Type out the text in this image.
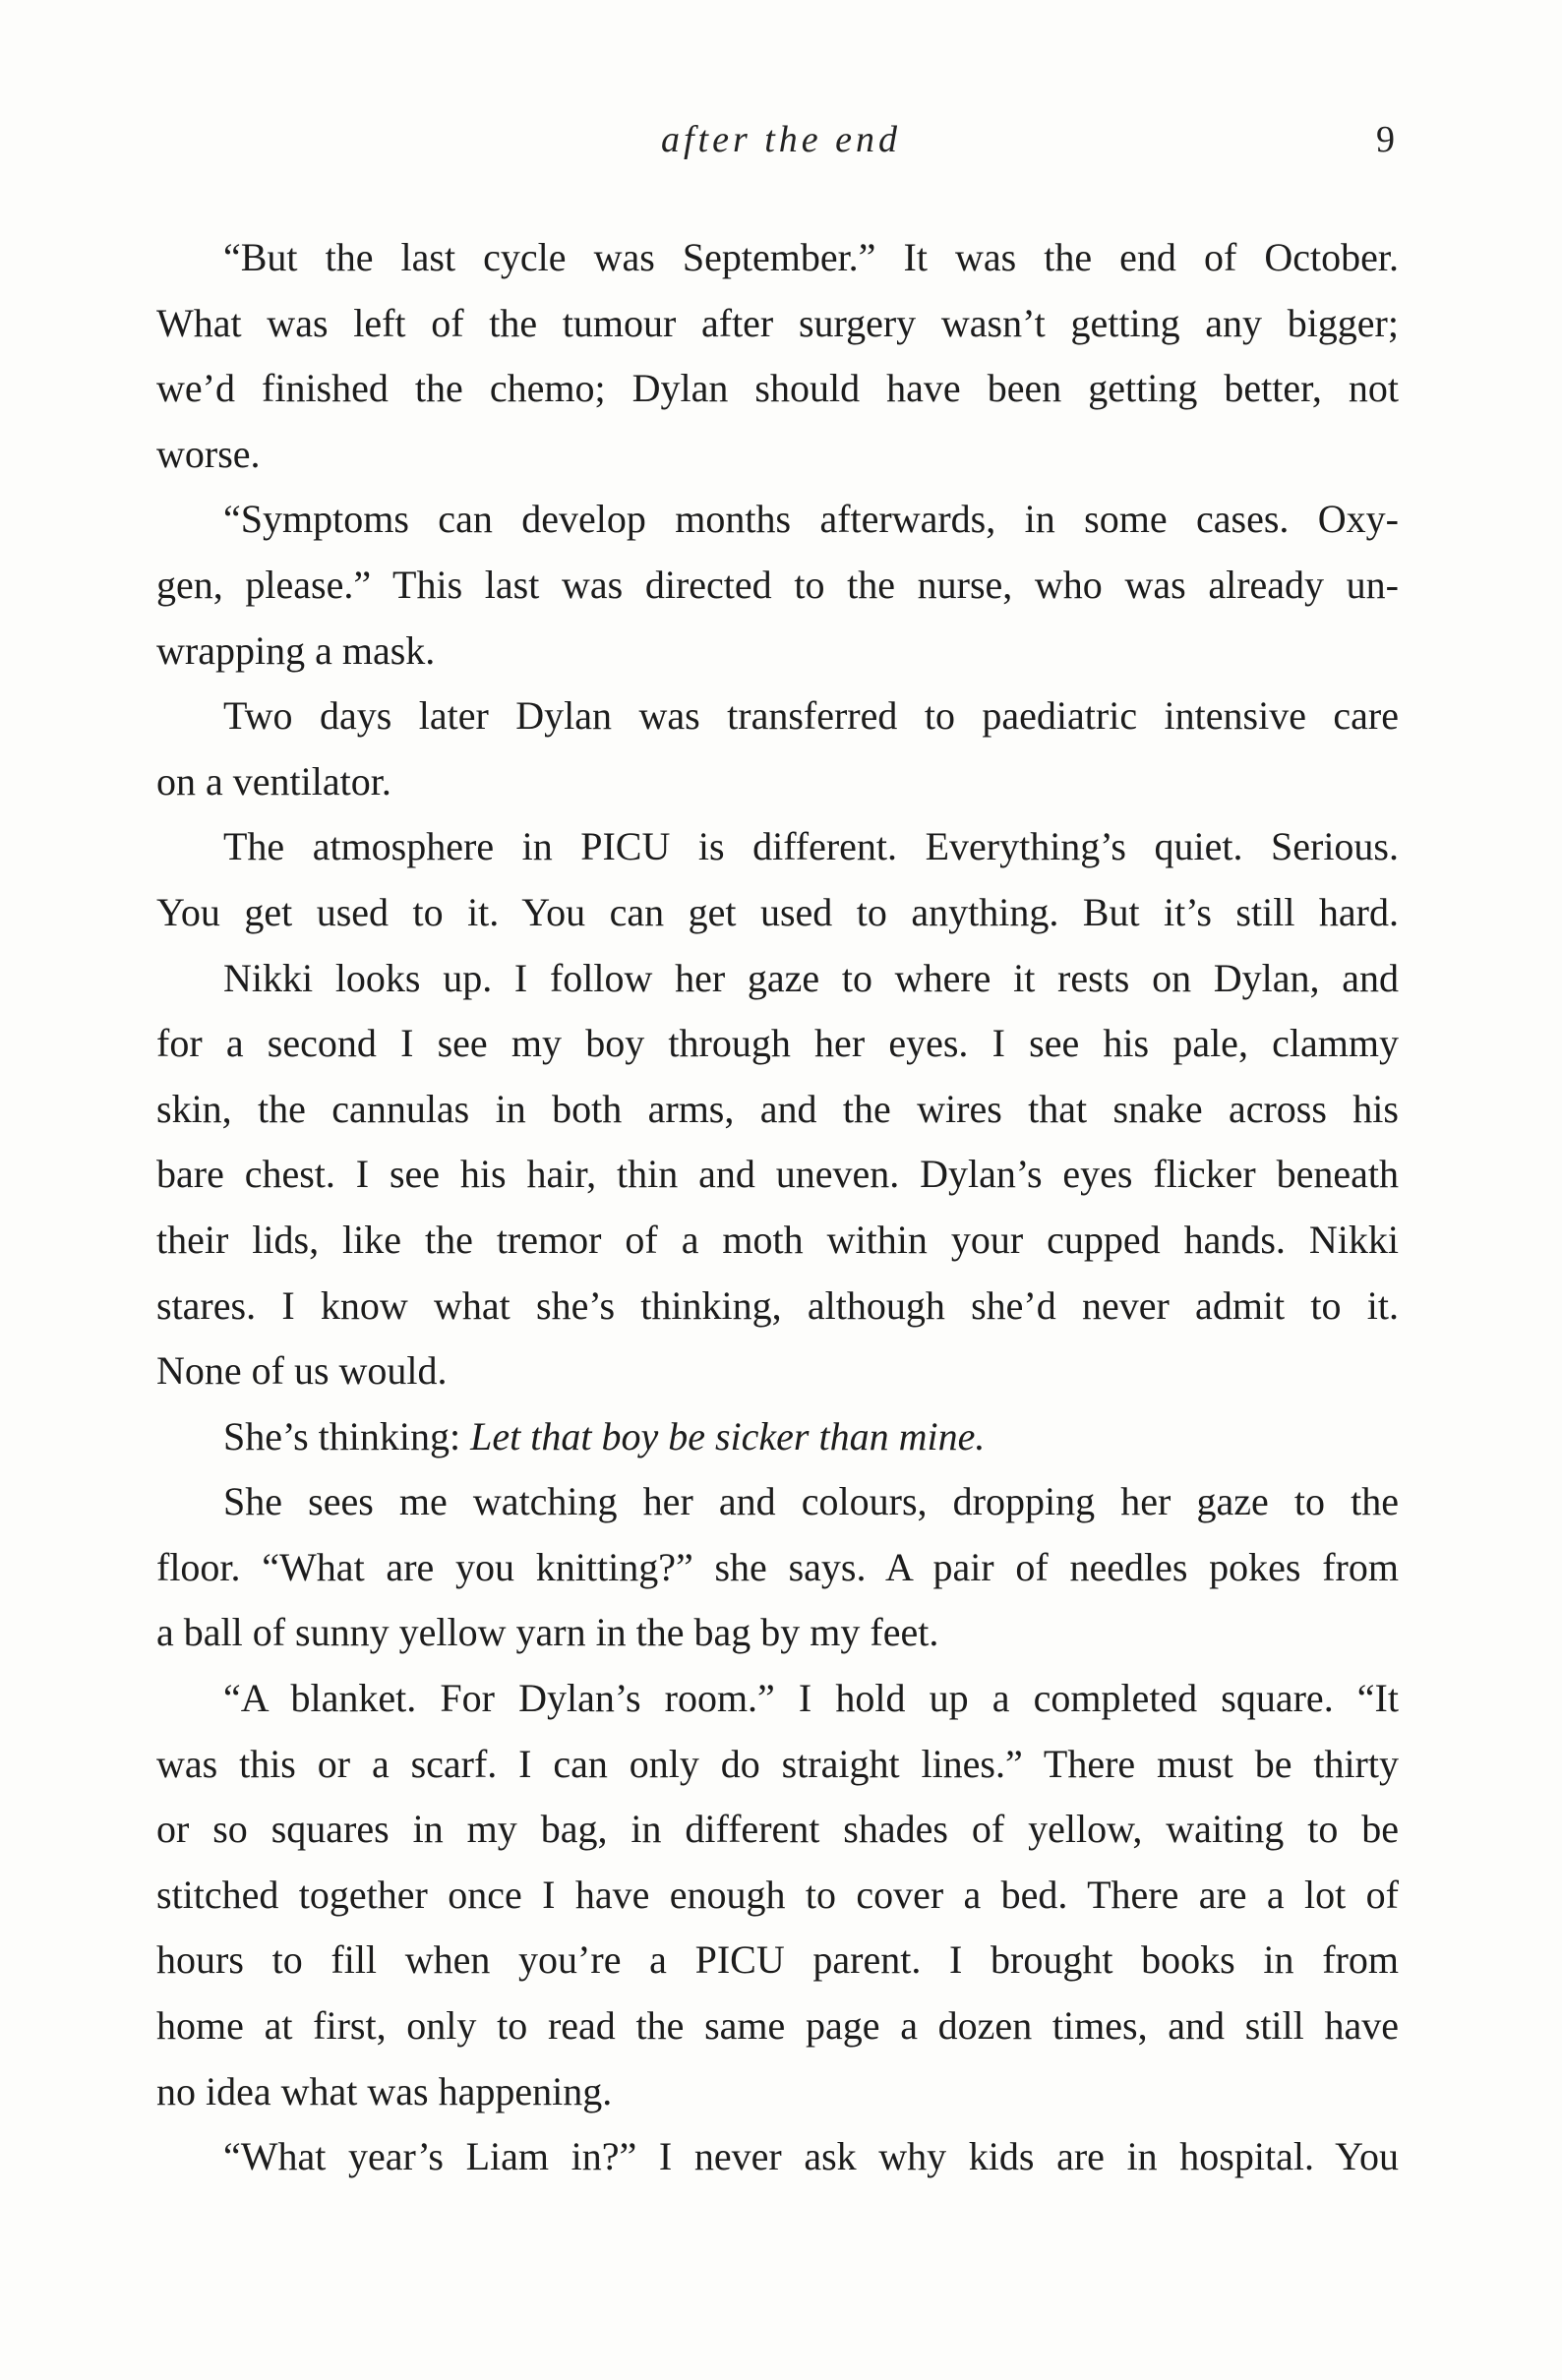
after the end	9
“But the last cycle was September.” It was the end of October.
What was left of the tumour after surgery wasn’t getting any bigger;
we’d finished the chemo; Dylan should have been getting better, not
worse.
“Symptoms can develop months afterwards, in some cases. Oxy-
gen, please.” This last was directed to the nurse, who was already un-
wrapping a mask.
Two days later Dylan was transferred to paediatric intensive care
on a ventilator.
The atmosphere in PICU is different. Everything’s quiet. Serious.
You get used to it. You can get used to anything. But it’s still hard.
Nikki looks up. I follow her gaze to where it rests on Dylan, and
for a second I see my boy through her eyes. I see his pale, clammy
skin, the cannulas in both arms, and the wires that snake across his
bare chest. I see his hair, thin and uneven. Dylan’s eyes flicker beneath
their lids, like the tremor of a moth within your cupped hands. Nikki
stares. I know what she’s thinking, although she’d never admit to it.
None of us would.
She’s thinking: Let that boy be sicker than mine.
She sees me watching her and colours, dropping her gaze to the
floor. “What are you knitting?” she says. A pair of needles pokes from
a ball of sunny yellow yarn in the bag by my feet.
“A blanket. For Dylan’s room.” I hold up a completed square. “It
was this or a scarf. I can only do straight lines.” There must be thirty
or so squares in my bag, in different shades of yellow, waiting to be
stitched together once I have enough to cover a bed. There are a lot of
hours to fill when you’re a PICU parent. I brought books in from
home at first, only to read the same page a dozen times, and still have
no idea what was happening.
“What year’s Liam in?” I never ask why kids are in hospital. You
